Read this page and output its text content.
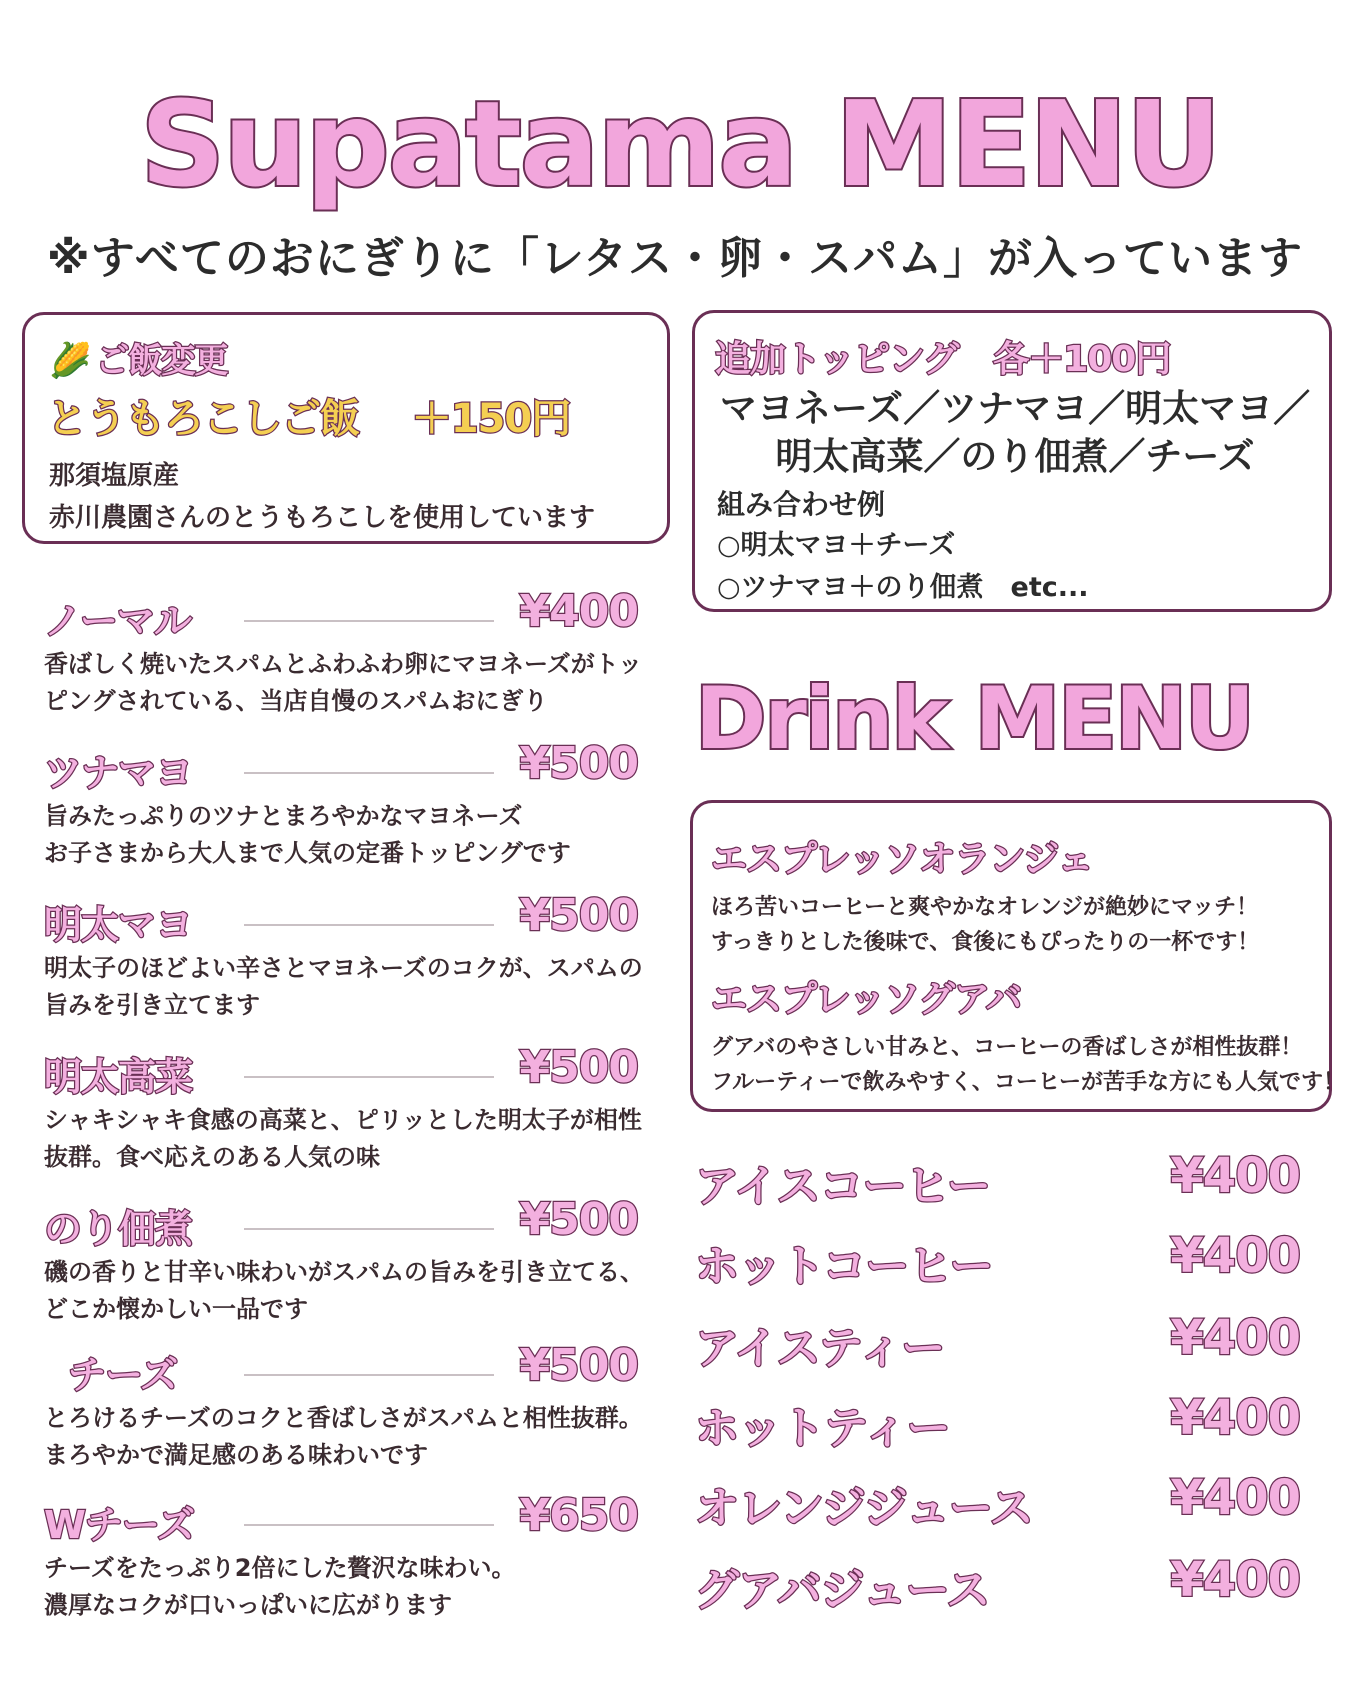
Supatama MENU
※すべてのおにぎりに「レタス・卵・スパム」が入っています
🌽 ご飯変更
とうもろこしご飯 ＋150円
那須塩原産
赤川農園さんのとうもろこしを使用しています
追加トッピング　各＋100円
マヨネーズ／ツナマヨ／明太マヨ／
明太高菜／のり佃煮／チーズ
組み合わせ例
○明太マヨ＋チーズ
○ツナマヨ＋のり佃煮　etc...
ノーマル	¥400
香ばしく焼いたスパムとふわふわ卵にマヨネーズがトッピングされている、当店自慢のスパムおにぎり
ツナマヨ	¥500
旨みたっぷりのツナとまろやかなマヨネーズ
お子さまから大人まで人気の定番トッピングです
明太マヨ	¥500
明太子のほどよい辛さとマヨネーズのコクが、スパムの旨みを引き立てます
明太高菜	¥500
シャキシャキ食感の高菜と、ピリッとした明太子が相性抜群。食べ応えのある人気の味
のり佃煮	¥500
磯の香りと甘辛い味わいがスパムの旨みを引き立てる、どこか懐かしい一品です
チーズ	¥500
とろけるチーズのコクと香ばしさがスパムと相性抜群。
まろやかで満足感のある味わいです
Wチーズ	¥650
チーズをたっぷり2倍にした贅沢な味わい。
濃厚なコクが口いっぱいに広がります
Drink MENU
エスプレッソオランジェ
ほろ苦いコーヒーと爽やかなオレンジが絶妙にマッチ！
すっきりとした後味で、食後にもぴったりの一杯です！
エスプレッソグアバ
グアバのやさしい甘みと、コーヒーの香ばしさが相性抜群！
フルーティーで飲みやすく、コーヒーが苦手な方にも人気です！
アイスコーヒー	¥400
ホットコーヒー	¥400
アイスティー	¥400
ホットティー	¥400
オレンジジュース	¥400
グアバジュース	¥400
